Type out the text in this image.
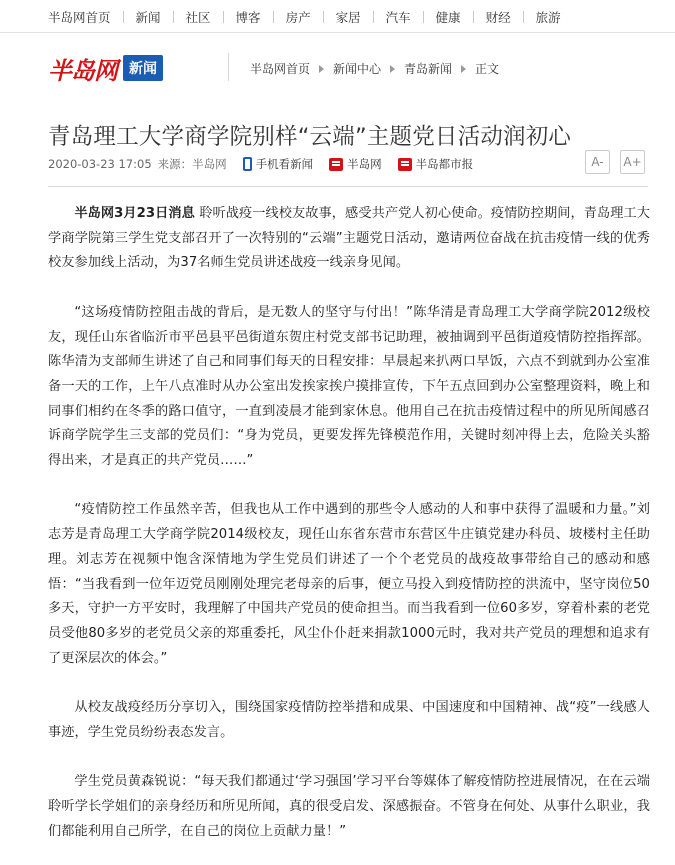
半岛网首页 新闻 社区 博客 房产 家居 汽车 健康 财经 旅游
半岛网 新闻	半岛网首页 新闻中心 青岛新闻 正文
青岛理工大学商学院别样“云端”主题党日活动润初心
2020-03-23 17:05 来源：半岛网	手机看新闻	半岛网	半岛都市报	A-	A+

半岛网3月23日消息 聆听战疫一线校友故事，感受共产党人初心使命。疫情防控期间，青岛理工大学商学院第三学生党支部召开了一次特别的“云端”主题党日活动，邀请两位奋战在抗击疫情一线的优秀校友参加线上活动，为37名师生党员讲述战疫一线亲身见闻。

“这场疫情防控阻击战的背后，是无数人的坚守与付出！”陈华清是青岛理工大学商学院2012级校友，现任山东省临沂市平邑县平邑街道东贺庄村党支部书记助理，被抽调到平邑街道疫情防控指挥部。陈华清为支部师生讲述了自己和同事们每天的日程安排：早晨起来扒两口早饭，六点不到就到办公室准备一天的工作，上午八点准时从办公室出发挨家挨户摸排宣传，下午五点回到办公室整理资料，晚上和同事们相约在冬季的路口值守，一直到凌晨才能到家休息。他用自己在抗击疫情过程中的所见所闻感召诉商学院学生三支部的党员们：“身为党员，更要发挥先锋模范作用，关键时刻冲得上去，危险关头豁得出来，才是真正的共产党员……”

“疫情防控工作虽然辛苦，但我也从工作中遇到的那些令人感动的人和事中获得了温暖和力量。”刘志芳是青岛理工大学商学院2014级校友，现任山东省东营市东营区牛庄镇党建办科员、坡楼村主任助理。刘志芳在视频中饱含深情地为学生党员们讲述了一个个老党员的战疫故事带给自己的感动和感悟：“当我看到一位年迈党员刚刚处理完老母亲的后事，便立马投入到疫情防控的洪流中，坚守岗位50多天，守护一方平安时，我理解了中国共产党员的使命担当。而当我看到一位60多岁，穿着朴素的老党员受他80多岁的老党员父亲的郑重委托，风尘仆仆赶来捐款1000元时，我对共产党员的理想和追求有了更深层次的体会。”

从校友战疫经历分享切入，围绕国家疫情防控举措和成果、中国速度和中国精神、战“疫”一线感人事迹，学生党员纷纷表态发言。

学生党员黄森锐说：“每天我们都通过‘学习强国’学习平台等媒体了解疫情防控进展情况，在在云端聆听学长学姐们的亲身经历和所见所闻，真的很受启发、深感振奋。不管身在何处、从事什么职业，我们都能利用自己所学，在自己的岗位上贡献力量！”
